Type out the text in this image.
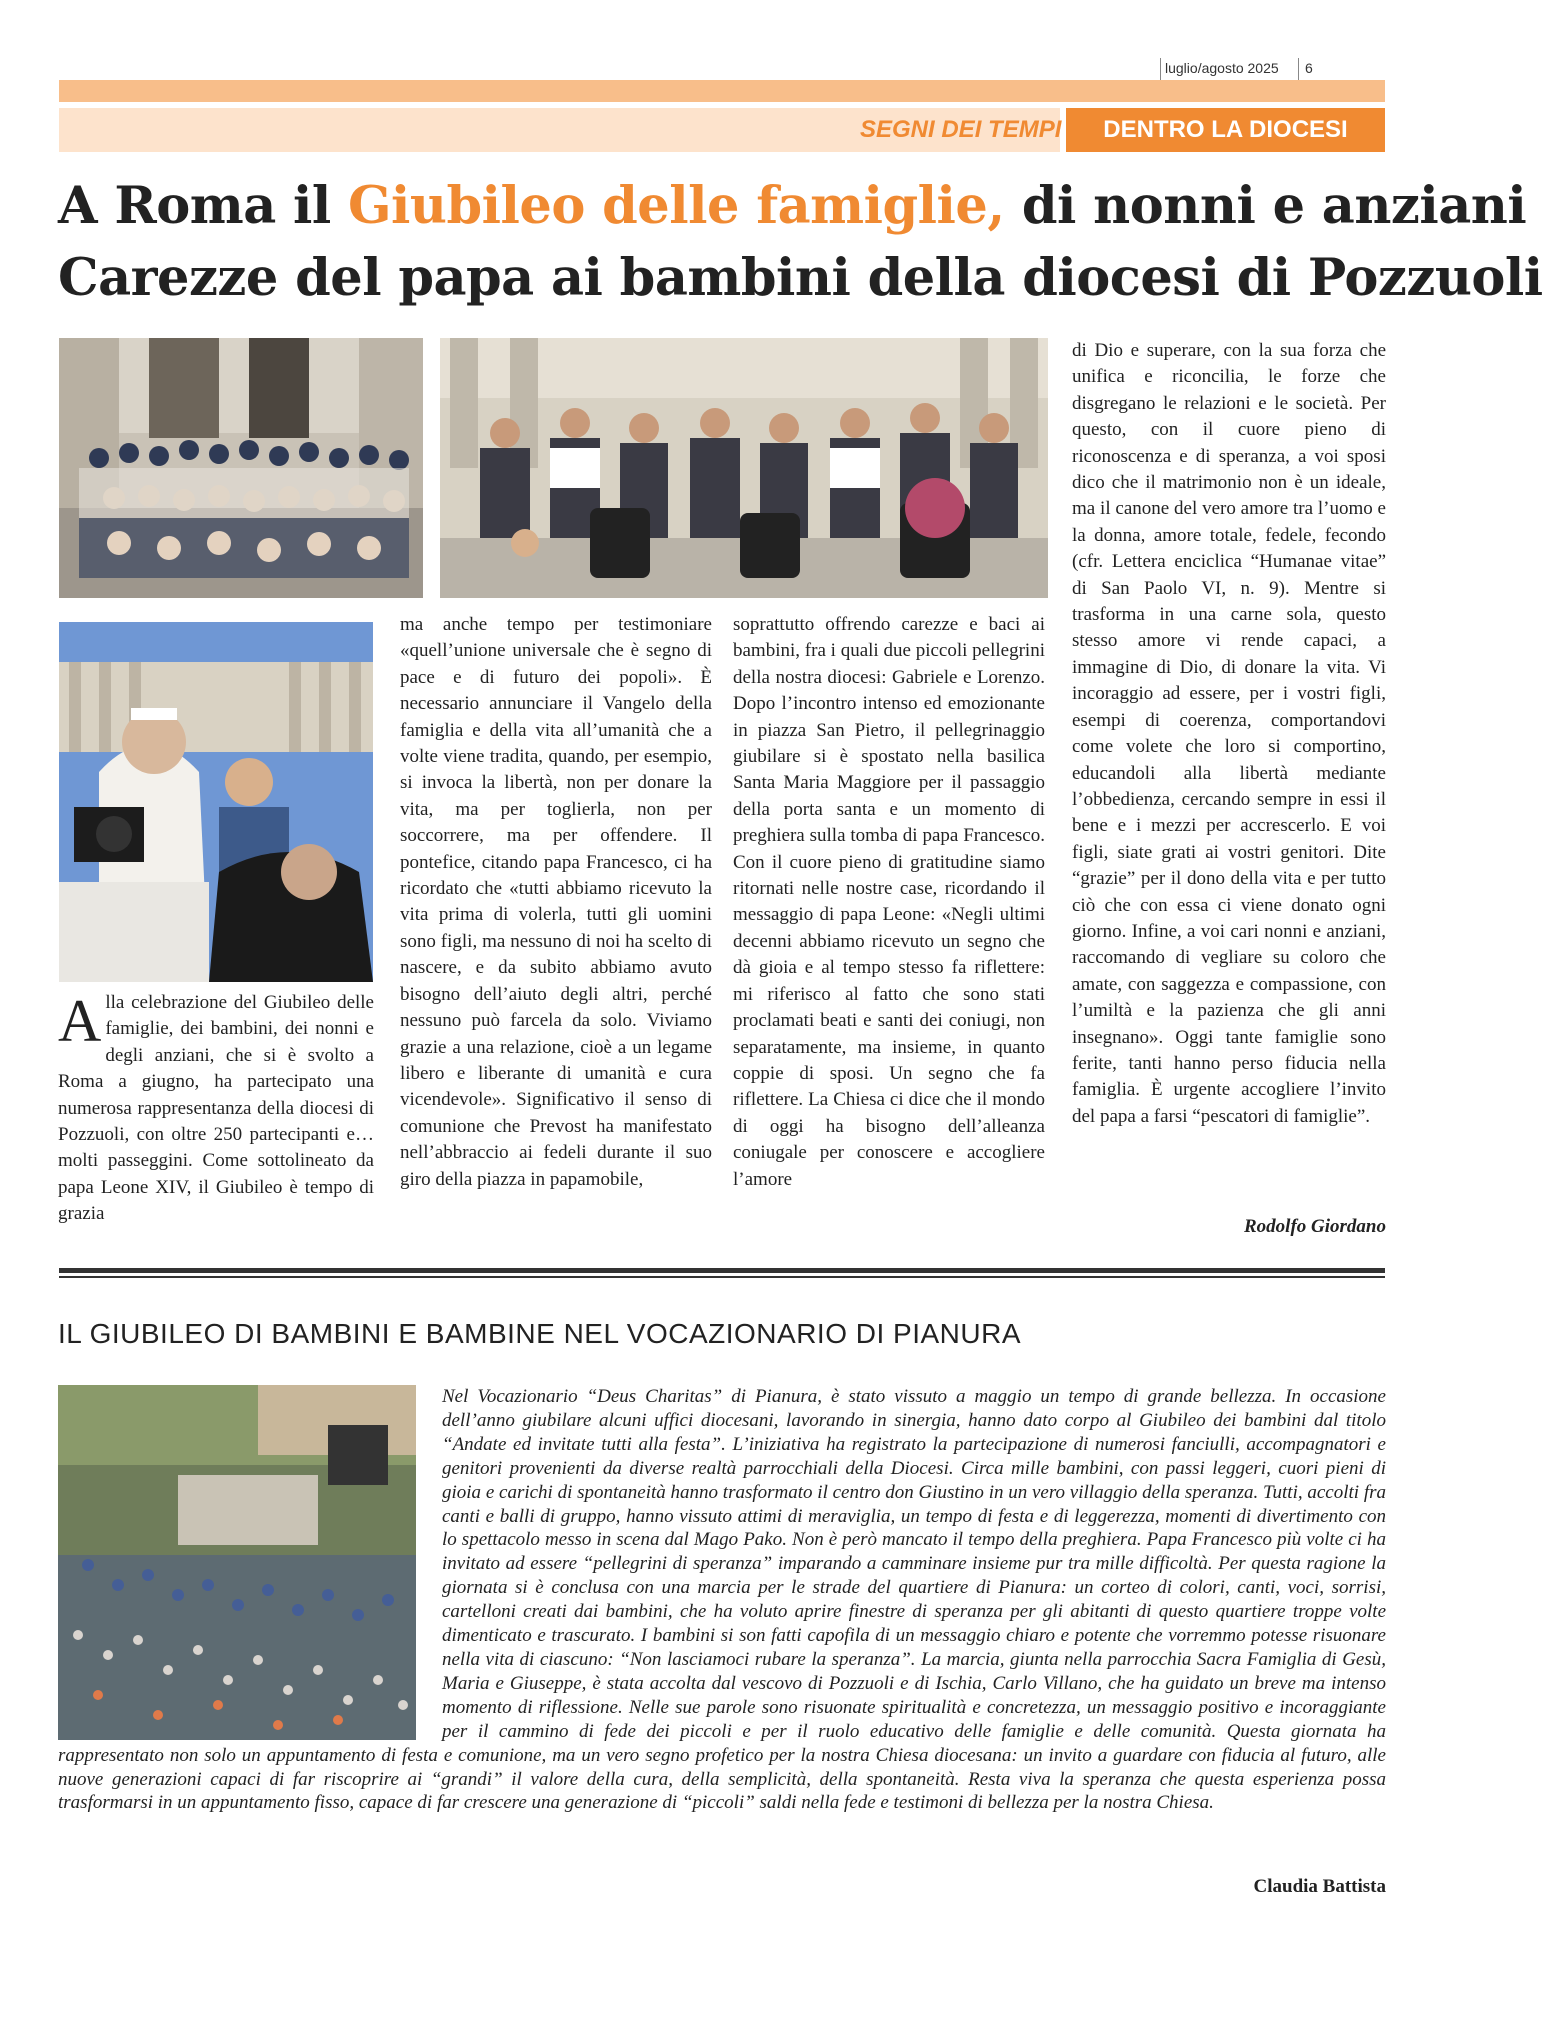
luglio/agosto 2025 6
SEGNI DEI TEMPI	DENTRO LA DIOCESI
A Roma il Giubileo delle famiglie, di nonni e anziani
Carezze del papa ai bambini della diocesi di Pozzuoli

Alla celebrazione del Giubileo delle famiglie, dei bambini, dei nonni e degli anziani, che si è svolto a Roma a giugno, ha partecipato una numerosa rappresentanza della diocesi di Pozzuoli, con oltre 250 partecipanti e… molti passeggini. Come sottolineato da papa Leone XIV, il Giubileo è tempo di grazia

ma anche tempo per testimoniare «quell’unione universale che è segno di pace e di futuro dei popoli». È necessario annunciare il Vangelo della famiglia e della vita all’umanità che a volte viene tradita, quando, per esempio, si invoca la libertà, non per donare la vita, ma per toglierla, non per soccorrere, ma per offendere. Il pontefice, citando papa Francesco, ci ha ricordato che «tutti abbiamo ricevuto la vita prima di volerla, tutti gli uomini sono figli, ma nessuno di noi ha scelto di nascere, e da subito abbiamo avuto bisogno dell’aiuto degli altri, perché nessuno può farcela da solo. Viviamo grazie a una relazione, cioè a un legame libero e liberante di umanità e cura vicendevole». Significativo il senso di comunione che Prevost ha manifestato nell’abbraccio ai fedeli durante il suo giro della piazza in papamobile,

soprattutto offrendo carezze e baci ai bambini, fra i quali due piccoli pellegrini della nostra diocesi: Gabriele e Lorenzo. Dopo l’incontro intenso ed emozionante in piazza San Pietro, il pellegrinaggio giubilare si è spostato nella basilica Santa Maria Maggiore per il passaggio della porta santa e un momento di preghiera sulla tomba di papa Francesco. Con il cuore pieno di gratitudine siamo ritornati nelle nostre case, ricordando il messaggio di papa Leone: «Negli ultimi decenni abbiamo ricevuto un segno che dà gioia e al tempo stesso fa riflettere: mi riferisco al fatto che sono stati proclamati beati e santi dei coniugi, non separatamente, ma insieme, in quanto coppie di sposi. Un segno che fa riflettere. La Chiesa ci dice che il mondo di oggi ha bisogno dell’alleanza coniugale per conoscere e accogliere l’amore

di Dio e superare, con la sua forza che unifica e riconcilia, le forze che disgregano le relazioni e le società. Per questo, con il cuore pieno di riconoscenza e di speranza, a voi sposi dico che il matrimonio non è un ideale, ma il canone del vero amore tra l’uomo e la donna, amore totale, fedele, fecondo (cfr. Lettera enciclica “Humanae vitae” di San Paolo VI, n. 9). Mentre si trasforma in una carne sola, questo stesso amore vi rende capaci, a immagine di Dio, di donare la vita. Vi incoraggio ad essere, per i vostri figli, esempi di coerenza, comportandovi come volete che loro si comportino, educandoli alla libertà mediante l’obbedienza, cercando sempre in essi il bene e i mezzi per accrescerlo. E voi figli, siate grati ai vostri genitori. Dite “grazie” per il dono della vita e per tutto ciò che con essa ci viene donato ogni giorno. Infine, a voi cari nonni e anziani, raccomando di vegliare su coloro che amate, con saggezza e compassione, con l’umiltà e la pazienza che gli anni insegnano». Oggi tante famiglie sono ferite, tanti hanno perso fiducia nella famiglia. È urgente accogliere l’invito del papa a farsi “pescatori di famiglie”.

Rodolfo Giordano
IL GIUBILEO DI BAMBINI E BAMBINE NEL VOCAZIONARIO DI PIANURA

Nel Vocazionario “Deus Charitas” di Pianura, è stato vissuto a maggio un tempo di grande bellezza. In occasione dell’anno giubilare alcuni uffici diocesani, lavorando in sinergia, hanno dato corpo al Giubileo dei bambini dal titolo “Andate ed invitate tutti alla festa”. L’iniziativa ha registrato la partecipazione di numerosi fanciulli, accompagnatori e genitori provenienti da diverse realtà parrocchiali della Diocesi. Circa mille bambini, con passi leggeri, cuori pieni di gioia e carichi di spontaneità hanno trasformato il centro don Giustino in un vero villaggio della speranza. Tutti, accolti fra canti e balli di gruppo, hanno vissuto attimi di meraviglia, un tempo di festa e di leggerezza, momenti di divertimento con lo spettacolo messo in scena dal Mago Pako. Non è però mancato il tempo della preghiera. Papa Francesco più volte ci ha invitato ad essere “pellegrini di speranza” imparando a camminare insieme pur tra mille difficoltà. Per questa ragione la giornata si è conclusa con una marcia per le strade del quartiere di Pianura: un corteo di colori, canti, voci, sorrisi, cartelloni creati dai bambini, che ha voluto aprire finestre di speranza per gli abitanti di questo quartiere troppe volte dimenticato e trascurato. I bambini si son fatti capofila di un messaggio chiaro e potente che vorremmo potesse risuonare nella vita di ciascuno: “Non lasciamoci rubare la speranza”. La marcia, giunta nella parrocchia Sacra Famiglia di Gesù, Maria e Giuseppe, è stata accolta dal vescovo di Pozzuoli e di Ischia, Carlo Villano, che ha guidato un breve ma intenso momento di riflessione. Nelle sue parole sono risuonate spiritualità e concretezza, un messaggio positivo e incoraggiante per il cammino di fede dei piccoli e per il ruolo educativo delle famiglie e delle comunità. Questa giornata ha rappresentato non solo un appuntamento di festa e comunione, ma un vero segno profetico per la nostra Chiesa diocesana: un invito a guardare con fiducia al futuro, alle nuove generazioni capaci di far riscoprire ai “grandi” il valore della cura, della semplicità, della spontaneità. Resta viva la speranza che questa esperienza possa trasformarsi in un appuntamento fisso, capace di far crescere una generazione di “piccoli” saldi nella fede e testimoni di bellezza per la nostra Chiesa.

Claudia Battista
